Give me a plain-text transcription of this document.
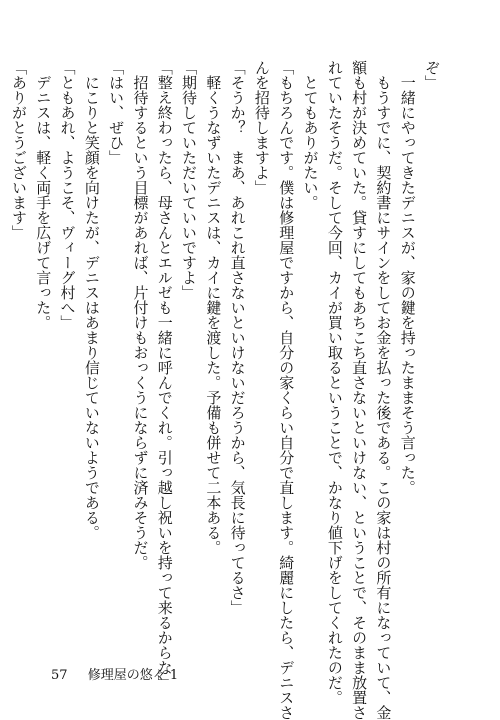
ぞ」

　一緒にやってきたデニスが、家の鍵を持ったままそう言った。

　もうすでに、契約書にサインをしてお金を払った後である。この家は村の所有になっていて、金

額も村が決めていた。貸すにしてもあちこち直さないといけない、ということで、そのまま放置さ

れていたそうだ。そして今回、カイが買い取るということで、かなり値下げをしてくれたのだ。

　とてもありがたい。

「もちろんです。僕は修理屋ですから、自分の家くらい自分で直します。綺麗にしたら、デニスさ

んを招待しますよ」

「そうか？　まあ、あれこれ直さないといけないだろうから、気長に待ってるさ」

　軽くうなずいたデニスは、カイに鍵を渡した。予備も併せて二本ある。

「期待していただいていいですよ」

「整え終わったら、母さんとエルゼも一緒に呼んでくれ。引っ越し祝いを持って来るからな」

　招待するという目標があれば、片付けもおっくうにならずに済みそうだ。

「はい、ぜひ」

　にこりと笑顔を向けたが、デニスはあまり信じていないようである。

「ともあれ、ようこそ、ヴィーグ村へ」

　デニスは、軽く両手を広げて言った。

「ありがとうございます」

57 修理屋の悠々 1
